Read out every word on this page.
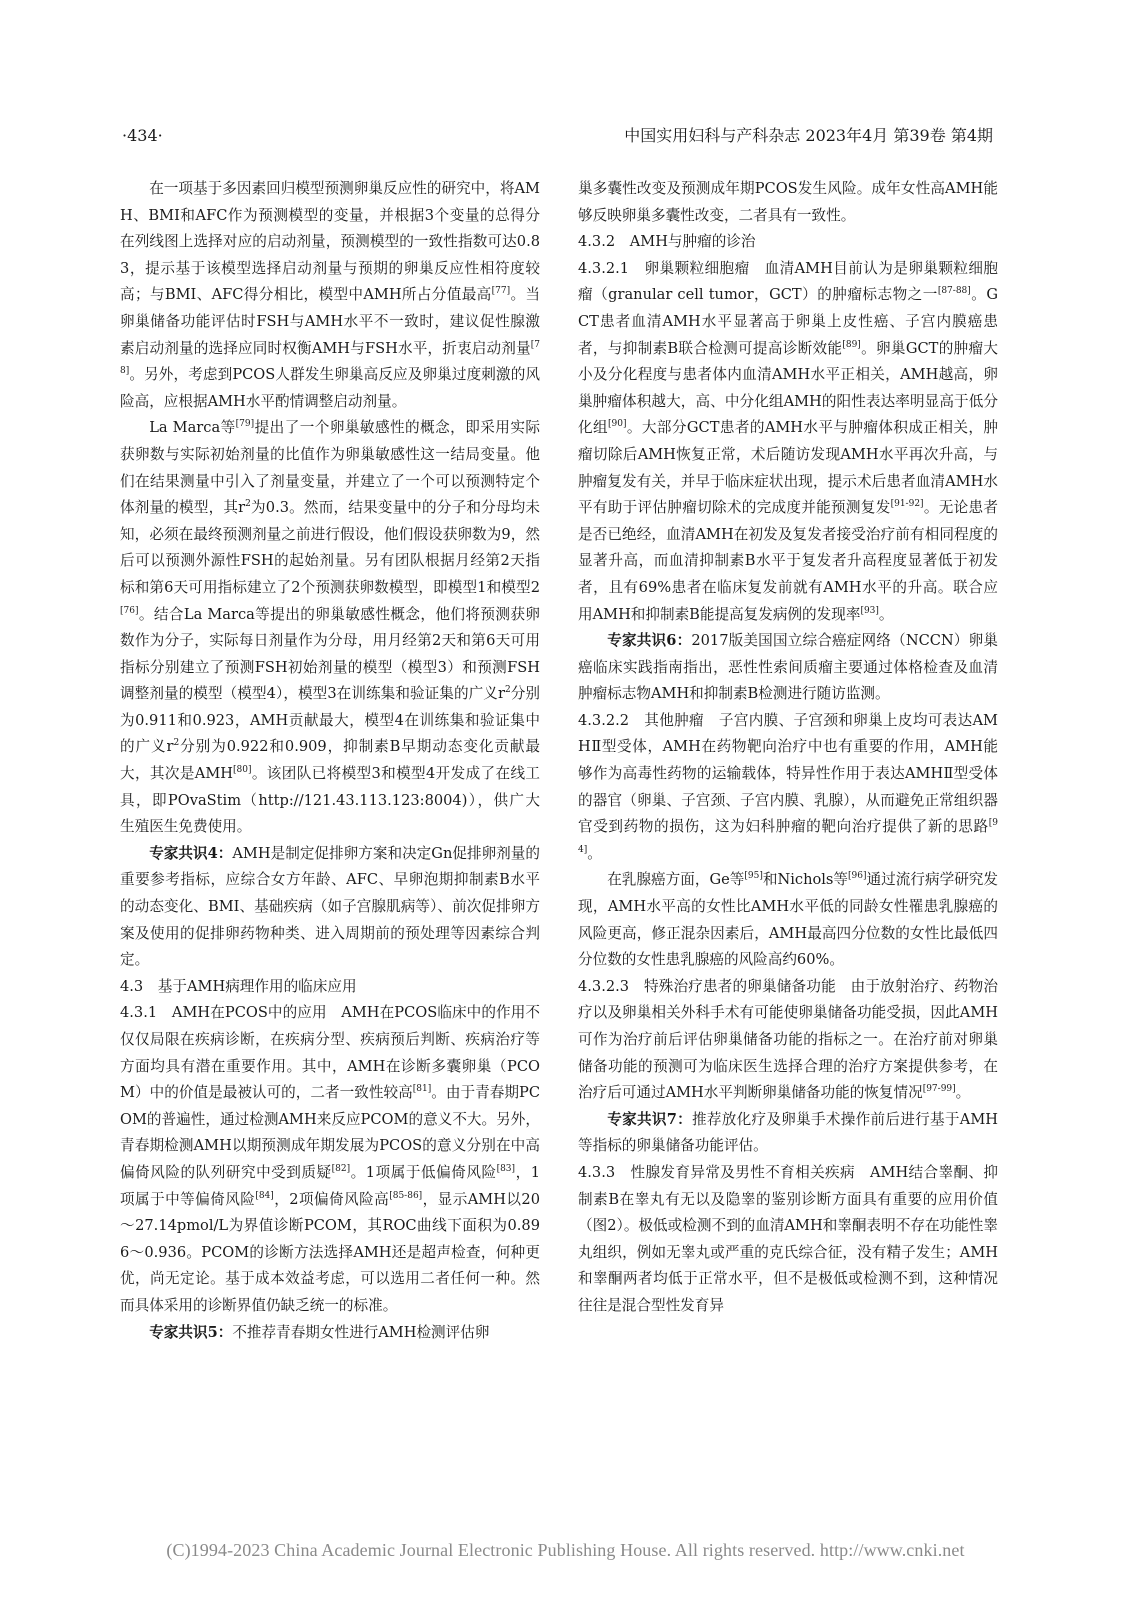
·434·	中国实用妇科与产科杂志 2023年4月 第39卷 第4期

在一项基于多因素回归模型预测卵巢反应性的研究中，将AMH、BMI和AFC作为预测模型的变量，并根据3个变量的总得分在列线图上选择对应的启动剂量，预测模型的一致性指数可达0.83，提示基于该模型选择启动剂量与预期的卵巢反应性相符度较高；与BMI、AFC得分相比，模型中AMH所占分值最高[77]。当卵巢储备功能评估时FSH与AMH水平不一致时，建议促性腺激素启动剂量的选择应同时权衡AMH与FSH水平，折衷启动剂量[78]。另外，考虑到PCOS人群发生卵巢高反应及卵巢过度刺激的风险高，应根据AMH水平酌情调整启动剂量。

La Marca等[79]提出了一个卵巢敏感性的概念，即采用实际获卵数与实际初始剂量的比值作为卵巢敏感性这一结局变量。他们在结果测量中引入了剂量变量，并建立了一个可以预测特定个体剂量的模型，其$r^2$为0.3。然而，结果变量中的分子和分母均未知，必须在最终预测剂量之前进行假设，他们假设获卵数为9，然后可以预测外源性FSH的起始剂量。另有团队根据月经第2天指标和第6天可用指标建立了2个预测获卵数模型，即模型1和模型2[76]。结合La Marca等提出的卵巢敏感性概念，他们将预测获卵数作为分子，实际每日剂量作为分母，用月经第2天和第6天可用指标分别建立了预测FSH初始剂量的模型（模型3）和预测FSH调整剂量的模型（模型4），模型3在训练集和验证集的广义$r^2$分别为0.911和0.923，AMH贡献最大，模型4在训练集和验证集中的广义$r^2$分别为0.922和0.909，抑制素B早期动态变化贡献最大，其次是AMH[80]。该团队已将模型3和模型4开发成了在线工具，即POvaStim（http://121.43.113.123:8004)），供广大生殖医生免费使用。

专家共识4：AMH是制定促排卵方案和决定Gn促排卵剂量的重要参考指标，应综合女方年龄、AFC、早卵泡期抑制素B水平的动态变化、BMI、基础疾病（如子宫腺肌病等）、前次促排卵方案及使用的促排卵药物种类、进入周期前的预处理等因素综合判定。

4.3　基于AMH病理作用的临床应用

4.3.1　AMH在PCOS中的应用　AMH在PCOS临床中的作用不仅仅局限在疾病诊断，在疾病分型、疾病预后判断、疾病治疗等方面均具有潜在重要作用。其中，AMH在诊断多囊卵巢（PCOM）中的价值是最被认可的，二者一致性较高[81]。由于青春期PCOM的普遍性，通过检测AMH来反应PCOM的意义不大。另外，青春期检测AMH以期预测成年期发展为PCOS的意义分别在中高偏倚风险的队列研究中受到质疑[82]。1项属于低偏倚风险[83]，1项属于中等偏倚风险[84]，2项偏倚风险高[85-86]，显示AMH以20～27.14pmol/L为界值诊断PCOM，其ROC曲线下面积为0.896～0.936。PCOM的诊断方法选择AMH还是超声检查，何种更优，尚无定论。基于成本效益考虑，可以选用二者任何一种。然而具体采用的诊断界值仍缺乏统一的标准。

专家共识5：不推荐青春期女性进行AMH检测评估卵

巢多囊性改变及预测成年期PCOS发生风险。成年女性高AMH能够反映卵巢多囊性改变，二者具有一致性。

4.3.2　AMH与肿瘤的诊治

4.3.2.1　卵巢颗粒细胞瘤　血清AMH目前认为是卵巢颗粒细胞瘤（granular cell tumor，GCT）的肿瘤标志物之一[87-88]。GCT患者血清AMH水平显著高于卵巢上皮性癌、子宫内膜癌患者，与抑制素B联合检测可提高诊断效能[89]。卵巢GCT的肿瘤大小及分化程度与患者体内血清AMH水平正相关，AMH越高，卵巢肿瘤体积越大，高、中分化组AMH的阳性表达率明显高于低分化组[90]。大部分GCT患者的AMH水平与肿瘤体积成正相关，肿瘤切除后AMH恢复正常，术后随访发现AMH水平再次升高，与肿瘤复发有关，并早于临床症状出现，提示术后患者血清AMH水平有助于评估肿瘤切除术的完成度并能预测复发[91-92]。无论患者是否已绝经，血清AMH在初发及复发者接受治疗前有相同程度的显著升高，而血清抑制素B水平于复发者升高程度显著低于初发者，且有69%患者在临床复发前就有AMH水平的升高。联合应用AMH和抑制素B能提高复发病例的发现率[93]。

专家共识6：2017版美国国立综合癌症网络（NCCN）卵巢癌临床实践指南指出，恶性性索间质瘤主要通过体格检查及血清肿瘤标志物AMH和抑制素B检测进行随访监测。

4.3.2.2　其他肿瘤　子宫内膜、子宫颈和卵巢上皮均可表达AMHⅡ型受体，AMH在药物靶向治疗中也有重要的作用，AMH能够作为高毒性药物的运输载体，特异性作用于表达AMHⅡ型受体的器官（卵巢、子宫颈、子宫内膜、乳腺），从而避免正常组织器官受到药物的损伤，这为妇科肿瘤的靶向治疗提供了新的思路[94]。

在乳腺癌方面，Ge等[95]和Nichols等[96]通过流行病学研究发现，AMH水平高的女性比AMH水平低的同龄女性罹患乳腺癌的风险更高，修正混杂因素后，AMH最高四分位数的女性比最低四分位数的女性患乳腺癌的风险高约60%。

4.3.2.3　特殊治疗患者的卵巢储备功能　由于放射治疗、药物治疗以及卵巢相关外科手术有可能使卵巢储备功能受损，因此AMH可作为治疗前后评估卵巢储备功能的指标之一。在治疗前对卵巢储备功能的预测可为临床医生选择合理的治疗方案提供参考，在治疗后可通过AMH水平判断卵巢储备功能的恢复情况[97-99]。

专家共识7：推荐放化疗及卵巢手术操作前后进行基于AMH等指标的卵巢储备功能评估。

4.3.3　性腺发育异常及男性不育相关疾病　AMH结合睾酮、抑制素B在睾丸有无以及隐睾的鉴别诊断方面具有重要的应用价值（图2）。极低或检测不到的血清AMH和睾酮表明不存在功能性睾丸组织，例如无睾丸或严重的克氏综合征，没有精子发生；AMH和睾酮两者均低于正常水平，但不是极低或检测不到，这种情况往往是混合型性发育异

(C)1994-2023 China Academic Journal Electronic Publishing House. All rights reserved. http://www.cnki.net
